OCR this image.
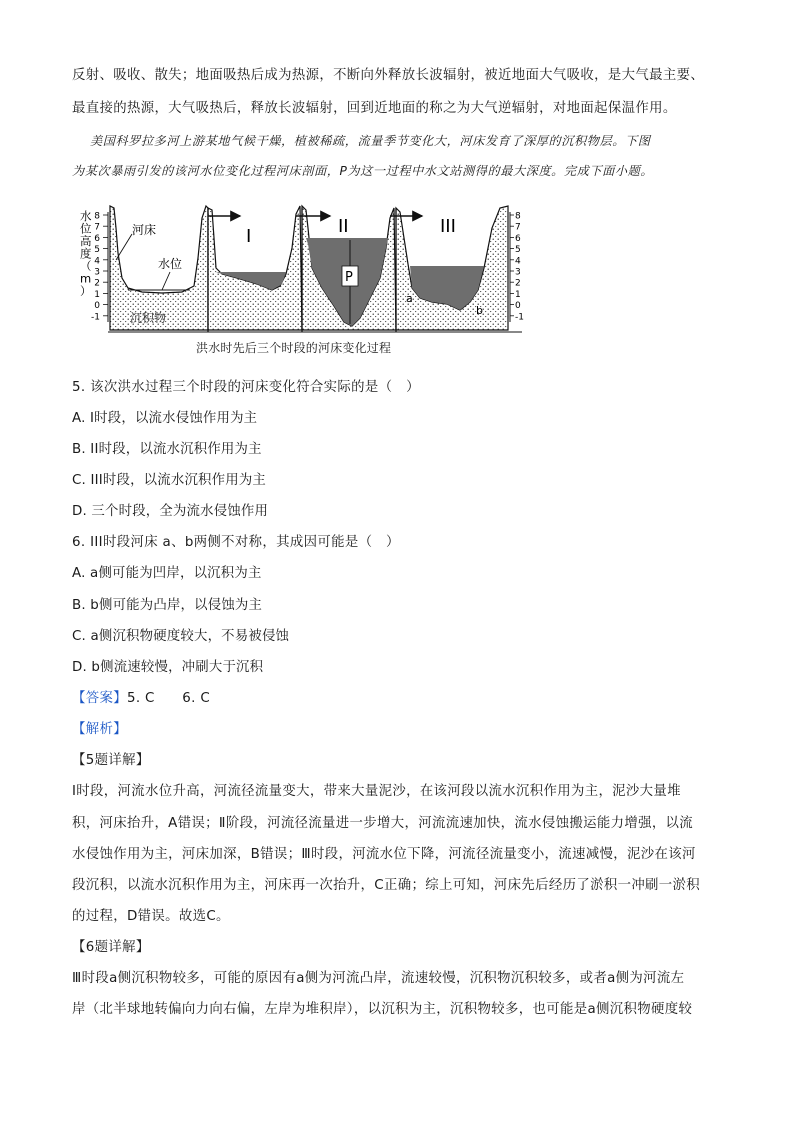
反射、吸收、散失；地面吸热后成为热源，不断向外释放长波辐射，被近地面大气吸收，是大气最主要、
最直接的热源，大气吸热后，释放长波辐射，回到近地面的称之为大气逆辐射，对地面起保温作用。
美国科罗拉多河上游某地气候干燥，植被稀疏，流量季节变化大，河床发育了深厚的沉积物层。下图
为某次暴雨引发的该河水位变化过程河床剖面，P为这一过程中水文站测得的最大深度。完成下面小题。
水
位
高
度
（
m
）
8
7
6
5
4
3
2
1
0
-1
8
7
6
5
4
3
2
1
0
-1
河床
水位
沉积物
I	II	III
P
a
b
洪水时先后三个时段的河床变化过程
5. 该次洪水过程三个时段的河床变化符合实际的是（　）
A. I时段，以流水侵蚀作用为主
B. II时段，以流水沉积作用为主
C. III时段，以流水沉积作用为主
D. 三个时段，全为流水侵蚀作用
6. III时段河床 a、b两侧不对称，其成因可能是（　）
A. a侧可能为凹岸，以沉积为主
B. b侧可能为凸岸，以侵蚀为主
C. a侧沉积物硬度较大，不易被侵蚀
D. b侧流速较慢，冲刷大于沉积
【答案】5. C　　6. C
【解析】
【5题详解】
I时段，河流水位升高，河流径流量变大，带来大量泥沙，在该河段以流水沉积作用为主，泥沙大量堆
积，河床抬升，A错误；Ⅱ阶段，河流径流量进一步增大，河流流速加快，流水侵蚀搬运能力增强，以流
水侵蚀作用为主，河床加深，B错误；Ⅲ时段，河流水位下降，河流径流量变小，流速减慢，泥沙在该河
段沉积，以流水沉积作用为主，河床再一次抬升，C正确；综上可知，河床先后经历了淤积一冲刷一淤积
的过程，D错误。故选C。
【6题详解】
Ⅲ时段a侧沉积物较多，可能的原因有a侧为河流凸岸，流速较慢，沉积物沉积较多，或者a侧为河流左
岸（北半球地转偏向力向右偏，左岸为堆积岸），以沉积为主，沉积物较多，也可能是a侧沉积物硬度较
